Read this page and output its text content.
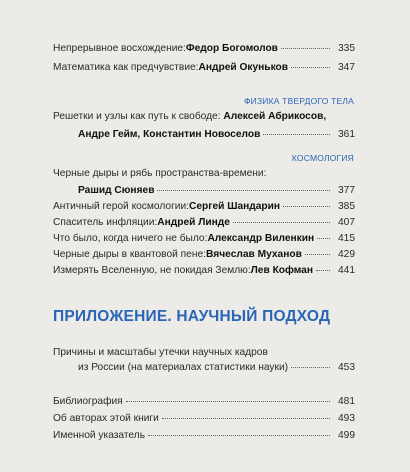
Непрерывное восхождение: Федор Богомолов	335
Математика как предчувствие: Андрей Окуньков	347
ФИЗИКА ТВЕРДОГО ТЕЛА
Решетки и узлы как путь к свободе: Алексей Абрикосов,
Андре Гейм, Константин Новоселов	361
КОСМОЛОГИЯ
Черные дыры и рябь пространства-времени:
Рашид Сюняев	377
Античный герой космологии: Сергей Шандарин	385
Спаситель инфляции: Андрей Линде	407
Что было, когда ничего не было: Александр Виленкин	415
Черные дыры в квантовой пене: Вячеслав Муханов	429
Измерять Вселенную, не покидая Землю: Лев Кофман	441
ПРИЛОЖЕНИЕ. НАУЧНЫЙ ПОДХОД
Причины и масштабы утечки научных кадров
из России (на материалах статистики науки)	453
Библиография	481
Об авторах этой книги	493
Именной указатель	499
